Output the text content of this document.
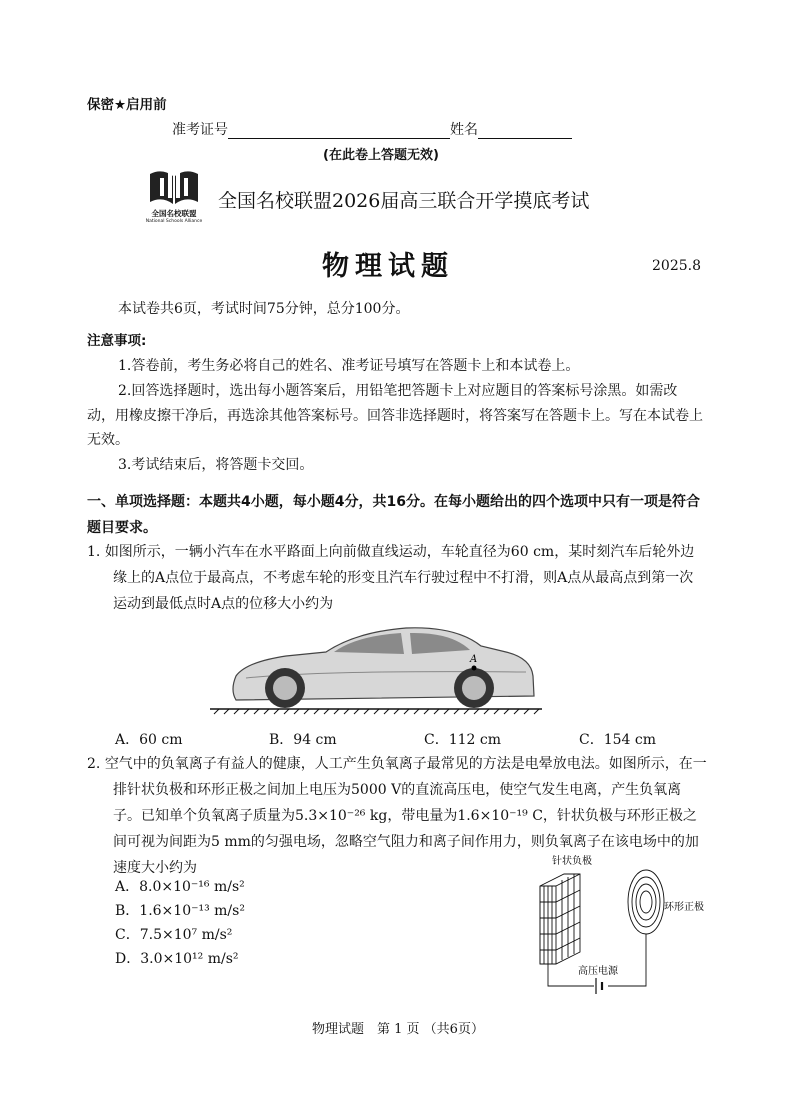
保密★启用前
准考证号	姓名
(在此卷上答题无效)
全国名校联盟
National Schools Alliance
全国名校联盟2026届高三联合开学摸底考试
物理试题	2025.8
本试卷共6页，考试时间75分钟，总分100分。
注意事项:
1.答卷前，考生务必将自己的姓名、准考证号填写在答题卡上和本试卷上。
2.回答选择题时，选出每小题答案后，用铅笔把答题卡上对应题目的答案标号涂黑。如需改动，用橡皮擦干净后，再选涂其他答案标号。回答非选择题时，将答案写在答题卡上。写在本试卷上无效。
3.考试结束后，将答题卡交回。
一、单项选择题：本题共4小题，每小题4分，共16分。在每小题给出的四个选项中只有一项是符合题目要求。
1. 如图所示，一辆小汽车在水平路面上向前做直线运动，车轮直径为60 cm，某时刻汽车后轮外边缘上的A点位于最高点，不考虑车轮的形变且汽车行驶过程中不打滑，则A点从最高点到第一次运动到最低点时A点的位移大小约为
A
A．60 cm	B．94 cm	C．112 cm	C．154 cm
2. 空气中的负氧离子有益人的健康，人工产生负氧离子最常见的方法是电晕放电法。如图所示，在一排针状负极和环形正极之间加上电压为5000 V的直流高压电，使空气发生电离，产生负氧离子。已知单个负氧离子质量为5.3×10⁻²⁶ kg，带电量为1.6×10⁻¹⁹ C，针状负极与环形正极之间可视为间距为5 mm的匀强电场，忽略空气阻力和离子间作用力，则负氧离子在该电场中的加速度大小约为
A．8.0×10⁻¹⁶ m/s²
B．1.6×10⁻¹³ m/s²
C．7.5×10⁷ m/s²
D．3.0×10¹² m/s²
针状负极
环形正极
高压电源
物理试题　第 1 页 （共6页）
